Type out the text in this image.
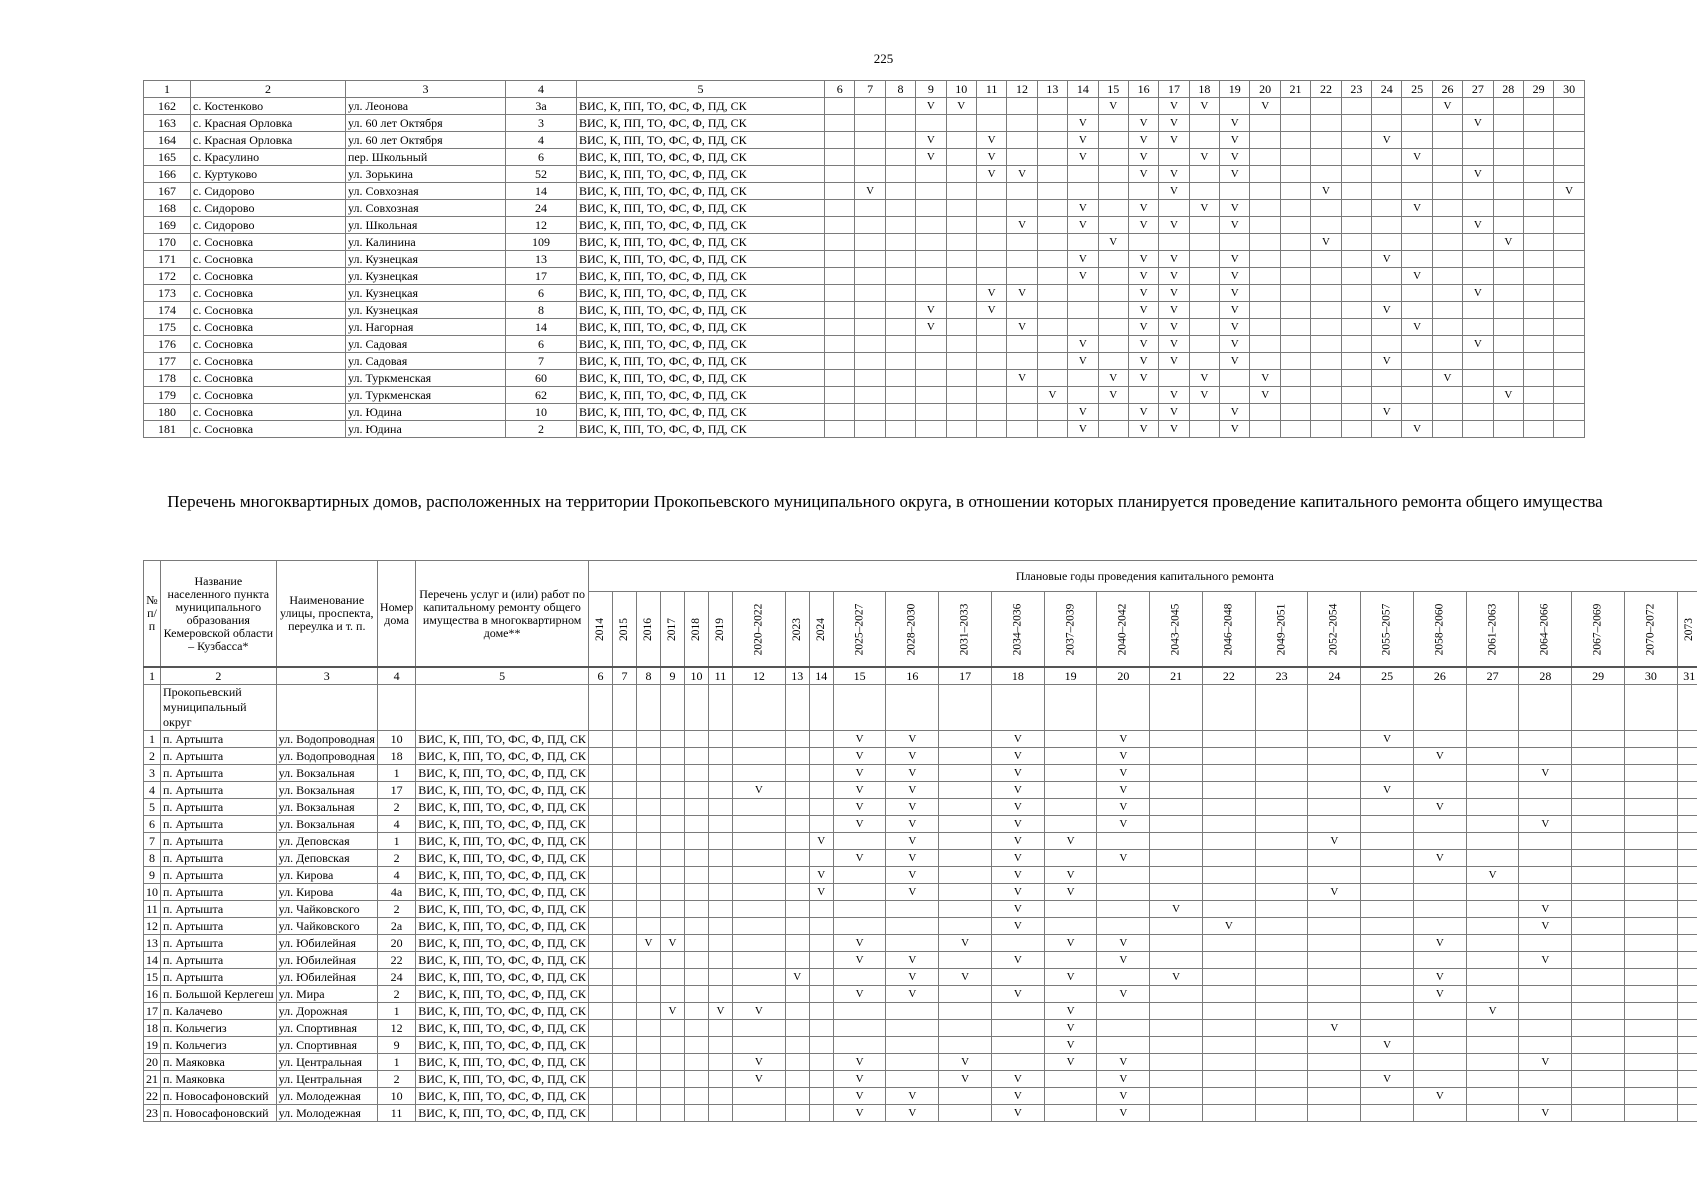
225
1	2	3	4	5	6	7	8	9	10	11	12	13	14	15	16	17	18	19	20	21	22	23	24	25	26	27	28	29	30
162	с. Костенково	ул. Леонова	3а	ВИС, К, ПП, ТО, ФС, Ф, ПД, СК				V	V					V		V	V		V						V				
163	с. Красная Орловка	ул. 60 лет Октября	3	ВИС, К, ПП, ТО, ФС, Ф, ПД, СК									V		V	V		V								V			
164	с. Красная Орловка	ул. 60 лет Октября	4	ВИС, К, ПП, ТО, ФС, Ф, ПД, СК				V		V			V		V	V		V					V						
165	с. Красулино	пер. Школьный	6	ВИС, К, ПП, ТО, ФС, Ф, ПД, СК				V		V			V		V		V	V						V					
166	с. Куртуково	ул. Зорькина	52	ВИС, К, ПП, ТО, ФС, Ф, ПД, СК						V	V				V	V		V								V			
167	с. Сидорово	ул. Совхозная	14	ВИС, К, ПП, ТО, ФС, Ф, ПД, СК		V										V					V								V
168	с. Сидорово	ул. Совхозная	24	ВИС, К, ПП, ТО, ФС, Ф, ПД, СК									V		V		V	V						V					
169	с. Сидорово	ул. Школьная	12	ВИС, К, ПП, ТО, ФС, Ф, ПД, СК							V		V		V	V		V								V			
170	с. Сосновка	ул. Калинина	109	ВИС, К, ПП, ТО, ФС, Ф, ПД, СК										V							V						V		
171	с. Сосновка	ул. Кузнецкая	13	ВИС, К, ПП, ТО, ФС, Ф, ПД, СК									V		V	V		V					V						
172	с. Сосновка	ул. Кузнецкая	17	ВИС, К, ПП, ТО, ФС, Ф, ПД, СК									V		V	V		V						V					
173	с. Сосновка	ул. Кузнецкая	6	ВИС, К, ПП, ТО, ФС, Ф, ПД, СК						V	V				V	V		V								V			
174	с. Сосновка	ул. Кузнецкая	8	ВИС, К, ПП, ТО, ФС, Ф, ПД, СК				V		V					V	V		V					V						
175	с. Сосновка	ул. Нагорная	14	ВИС, К, ПП, ТО, ФС, Ф, ПД, СК				V			V				V	V		V						V					
176	с. Сосновка	ул. Садовая	6	ВИС, К, ПП, ТО, ФС, Ф, ПД, СК									V		V	V		V								V			
177	с. Сосновка	ул. Садовая	7	ВИС, К, ПП, ТО, ФС, Ф, ПД, СК									V		V	V		V					V						
178	с. Сосновка	ул. Туркменская	60	ВИС, К, ПП, ТО, ФС, Ф, ПД, СК							V			V	V		V		V						V				
179	с. Сосновка	ул. Туркменская	62	ВИС, К, ПП, ТО, ФС, Ф, ПД, СК								V		V		V	V		V								V		
180	с. Сосновка	ул. Юдина	10	ВИС, К, ПП, ТО, ФС, Ф, ПД, СК									V		V	V		V					V						
181	с. Сосновка	ул. Юдина	2	ВИС, К, ПП, ТО, ФС, Ф, ПД, СК									V		V	V		V						V					
Перечень многоквартирных домов, расположенных на территории Прокопьевского муниципального округа, в отношении которых планируется проведение капитального ремонта общего имущества
№ п/п	Название населенного пункта муниципального образования Кемеровской области – Кузбасса*	Наименование улицы, проспекта, переулка и т. п.	Номер дома	Перечень услуг и (или) работ по капитальному ремонту общего имущества в многоквартирном доме**	Плановые годы проведения капитального ремонта																									
					2014	2015	2016	2017	2018	2019	2020–2022	2023	2024	2025–2027	2028–2030	2031–2033	2034–2036	2037–2039	2040–2042	2043–2045	2046–2048	2049–2051	2052–2054	2055–2057	2058–2060	2061–2063	2064–2066	2067–2069	2070–2072	2073
1	2	3	4	5	6	7	8	9	10	11	12	13	14	15	16	17	18	19	20	21	22	23	24	25	26	27	28	29	30	31
	Прокопьевский муниципальный округ																													
1	п. Артышта	ул. Водопроводная	10	ВИС, К, ПП, ТО, ФС, Ф, ПД, СК										V	V		V		V					V						
2	п. Артышта	ул. Водопроводная	18	ВИС, К, ПП, ТО, ФС, Ф, ПД, СК										V	V		V		V						V					
3	п. Артышта	ул. Вокзальная	1	ВИС, К, ПП, ТО, ФС, Ф, ПД, СК										V	V		V		V								V			
4	п. Артышта	ул. Вокзальная	17	ВИС, К, ПП, ТО, ФС, Ф, ПД, СК							V			V	V		V		V					V						
5	п. Артышта	ул. Вокзальная	2	ВИС, К, ПП, ТО, ФС, Ф, ПД, СК										V	V		V		V						V					
6	п. Артышта	ул. Вокзальная	4	ВИС, К, ПП, ТО, ФС, Ф, ПД, СК										V	V		V		V								V			
7	п. Артышта	ул. Деповская	1	ВИС, К, ПП, ТО, ФС, Ф, ПД, СК									V		V		V	V					V							
8	п. Артышта	ул. Деповская	2	ВИС, К, ПП, ТО, ФС, Ф, ПД, СК										V	V		V		V						V					
9	п. Артышта	ул. Кирова	4	ВИС, К, ПП, ТО, ФС, Ф, ПД, СК									V		V		V	V								V				
10	п. Артышта	ул. Кирова	4а	ВИС, К, ПП, ТО, ФС, Ф, ПД, СК									V		V		V	V					V							
11	п. Артышта	ул. Чайковского	2	ВИС, К, ПП, ТО, ФС, Ф, ПД, СК													V			V							V			
12	п. Артышта	ул. Чайковского	2а	ВИС, К, ПП, ТО, ФС, Ф, ПД, СК													V				V						V			
13	п. Артышта	ул. Юбилейная	20	ВИС, К, ПП, ТО, ФС, Ф, ПД, СК			V	V						V		V		V	V						V					
14	п. Артышта	ул. Юбилейная	22	ВИС, К, ПП, ТО, ФС, Ф, ПД, СК										V	V		V		V								V			
15	п. Артышта	ул. Юбилейная	24	ВИС, К, ПП, ТО, ФС, Ф, ПД, СК								V			V	V		V		V					V					
16	п. Большой Керлегеш	ул. Мира	2	ВИС, К, ПП, ТО, ФС, Ф, ПД, СК										V	V		V		V						V					
17	п. Калачево	ул. Дорожная	1	ВИС, К, ПП, ТО, ФС, Ф, ПД, СК				V		V	V							V								V				
18	п. Кольчегиз	ул. Спортивная	12	ВИС, К, ПП, ТО, ФС, Ф, ПД, СК														V					V							
19	п. Кольчегиз	ул. Спортивная	9	ВИС, К, ПП, ТО, ФС, Ф, ПД, СК														V						V						
20	п. Маяковка	ул. Центральная	1	ВИС, К, ПП, ТО, ФС, Ф, ПД, СК							V			V		V		V	V								V			
21	п. Маяковка	ул. Центральная	2	ВИС, К, ПП, ТО, ФС, Ф, ПД, СК							V			V		V	V		V					V						
22	п. Новосафоновский	ул. Молодежная	10	ВИС, К, ПП, ТО, ФС, Ф, ПД, СК										V	V		V		V						V					
23	п. Новосафоновский	ул. Молодежная	11	ВИС, К, ПП, ТО, ФС, Ф, ПД, СК										V	V		V		V								V			
